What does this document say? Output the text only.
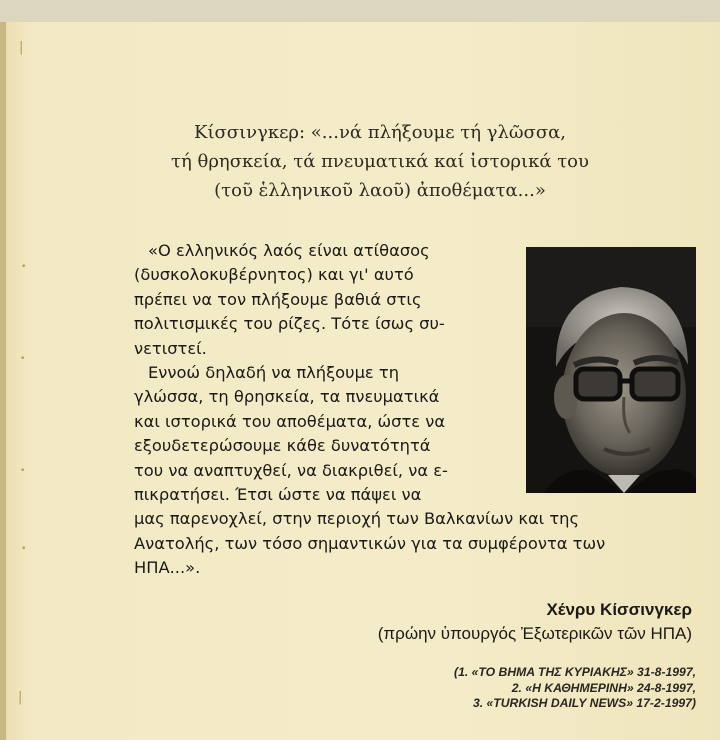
|
•
•
•
•
|
Κίσσινγκερ: «...νά πλήξουμε τή γλῶσσα,
τή θρησκεία, τά πνευματικά καί ἱστορικά του
(τοῦ ἑλληνικοῦ λαοῦ) ἀποθέματα...»
«Ο ελληνικός λαός είναι ατίθασος
(δυσκολοκυβέρνητος) και γι' αυτό
πρέπει να τον πλήξουμε βαθιά στις
πολιτισμικές του ρίζες. Τότε ίσως συ-
νετιστεί.
Εννοώ δηλαδή να πλήξουμε τη
γλώσσα, τη θρησκεία, τα πνευματικά
και ιστορικά του αποθέματα, ώστε να
εξουδετερώσουμε κάθε δυνατότητά
του να αναπτυχθεί, να διακριθεί, να ε-
πικρατήσει. Έτσι ώστε να πάψει να
μας παρενοχλεί, στην περιοχή των Βαλκανίων και της
Ανατολής, των τόσο σημαντικών για τα συμφέροντα των
ΗΠΑ...».
Χένρυ Κίσσινγκερ
(πρώην ὑπουργός Ἐξωτερικῶν τῶν ΗΠΑ)
(1. «ΤΟ ΒΗΜΑ ΤΗΣ ΚΥΡΙΑΚΗΣ» 31-8-1997,
2. «Η ΚΑΘΗΜΕΡΙΝΗ» 24-8-1997,
3. «TURKISH DAILY NEWS» 17-2-1997)
